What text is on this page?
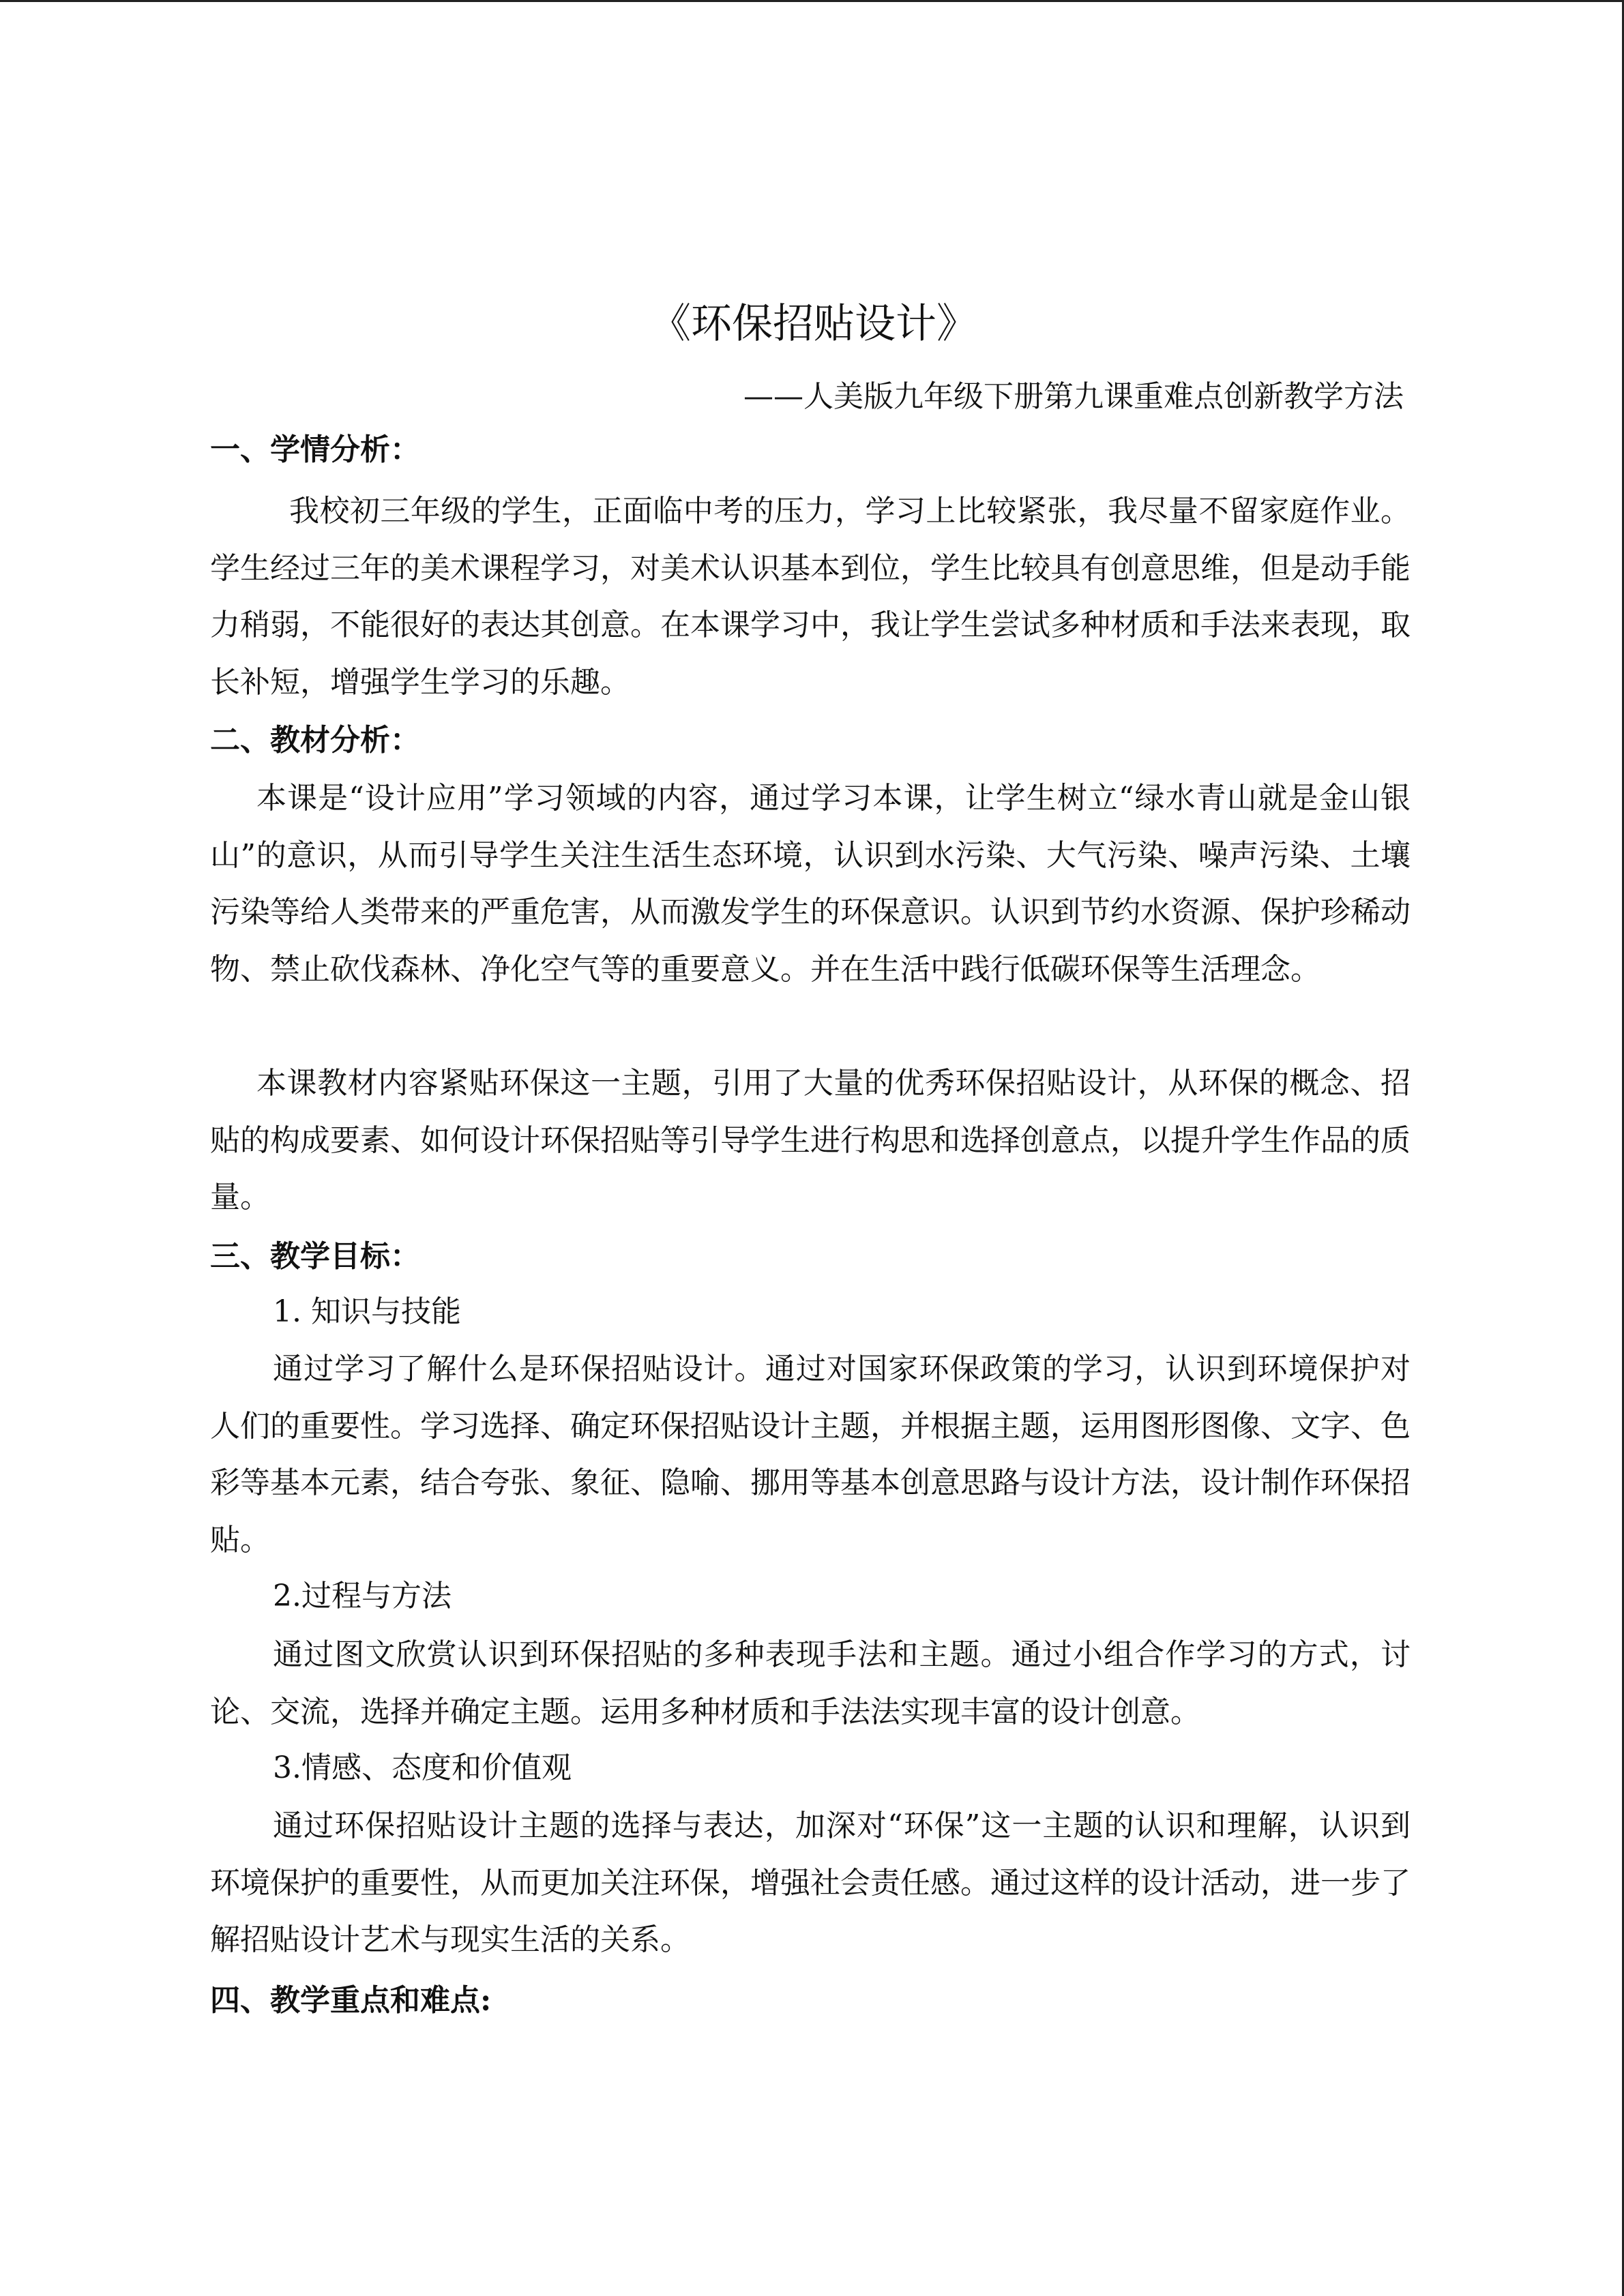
《环保招贴设计》

——人美版九年级下册第九课重难点创新教学方法

一、学情分析：

我校初三年级的学生，正面临中考的压力，学习上比较紧张，我尽量不留家庭作业。学生经过三年的美术课程学习，对美术认识基本到位，学生比较具有创意思维，但是动手能力稍弱，不能很好的表达其创意。在本课学习中，我让学生尝试多种材质和手法来表现，取长补短，增强学生学习的乐趣。

二、教材分析：

本课是“设计应用”学习领域的内容，通过学习本课，让学生树立“绿水青山就是金山银山”的意识，从而引导学生关注生活生态环境，认识到水污染、大气污染、噪声污染、土壤污染等给人类带来的严重危害，从而激发学生的环保意识。认识到节约水资源、保护珍稀动物、禁止砍伐森林、净化空气等的重要意义。并在生活中践行低碳环保等生活理念。

本课教材内容紧贴环保这一主题，引用了大量的优秀环保招贴设计，从环保的概念、招贴的构成要素、如何设计环保招贴等引导学生进行构思和选择创意点，以提升学生作品的质量。

三、教学目标：

1. 知识与技能

通过学习了解什么是环保招贴设计。通过对国家环保政策的学习，认识到环境保护对人们的重要性。学习选择、确定环保招贴设计主题，并根据主题，运用图形图像、文字、色彩等基本元素，结合夸张、象征、隐喻、挪用等基本创意思路与设计方法，设计制作环保招贴。

2.过程与方法

通过图文欣赏认识到环保招贴的多种表现手法和主题。通过小组合作学习的方式，讨论、交流，选择并确定主题。运用多种材质和手法法实现丰富的设计创意。

3.情感、态度和价值观

通过环保招贴设计主题的选择与表达，加深对“环保”这一主题的认识和理解，认识到环境保护的重要性，从而更加关注环保，增强社会责任感。通过这样的设计活动，进一步了解招贴设计艺术与现实生活的关系。

四、教学重点和难点:
